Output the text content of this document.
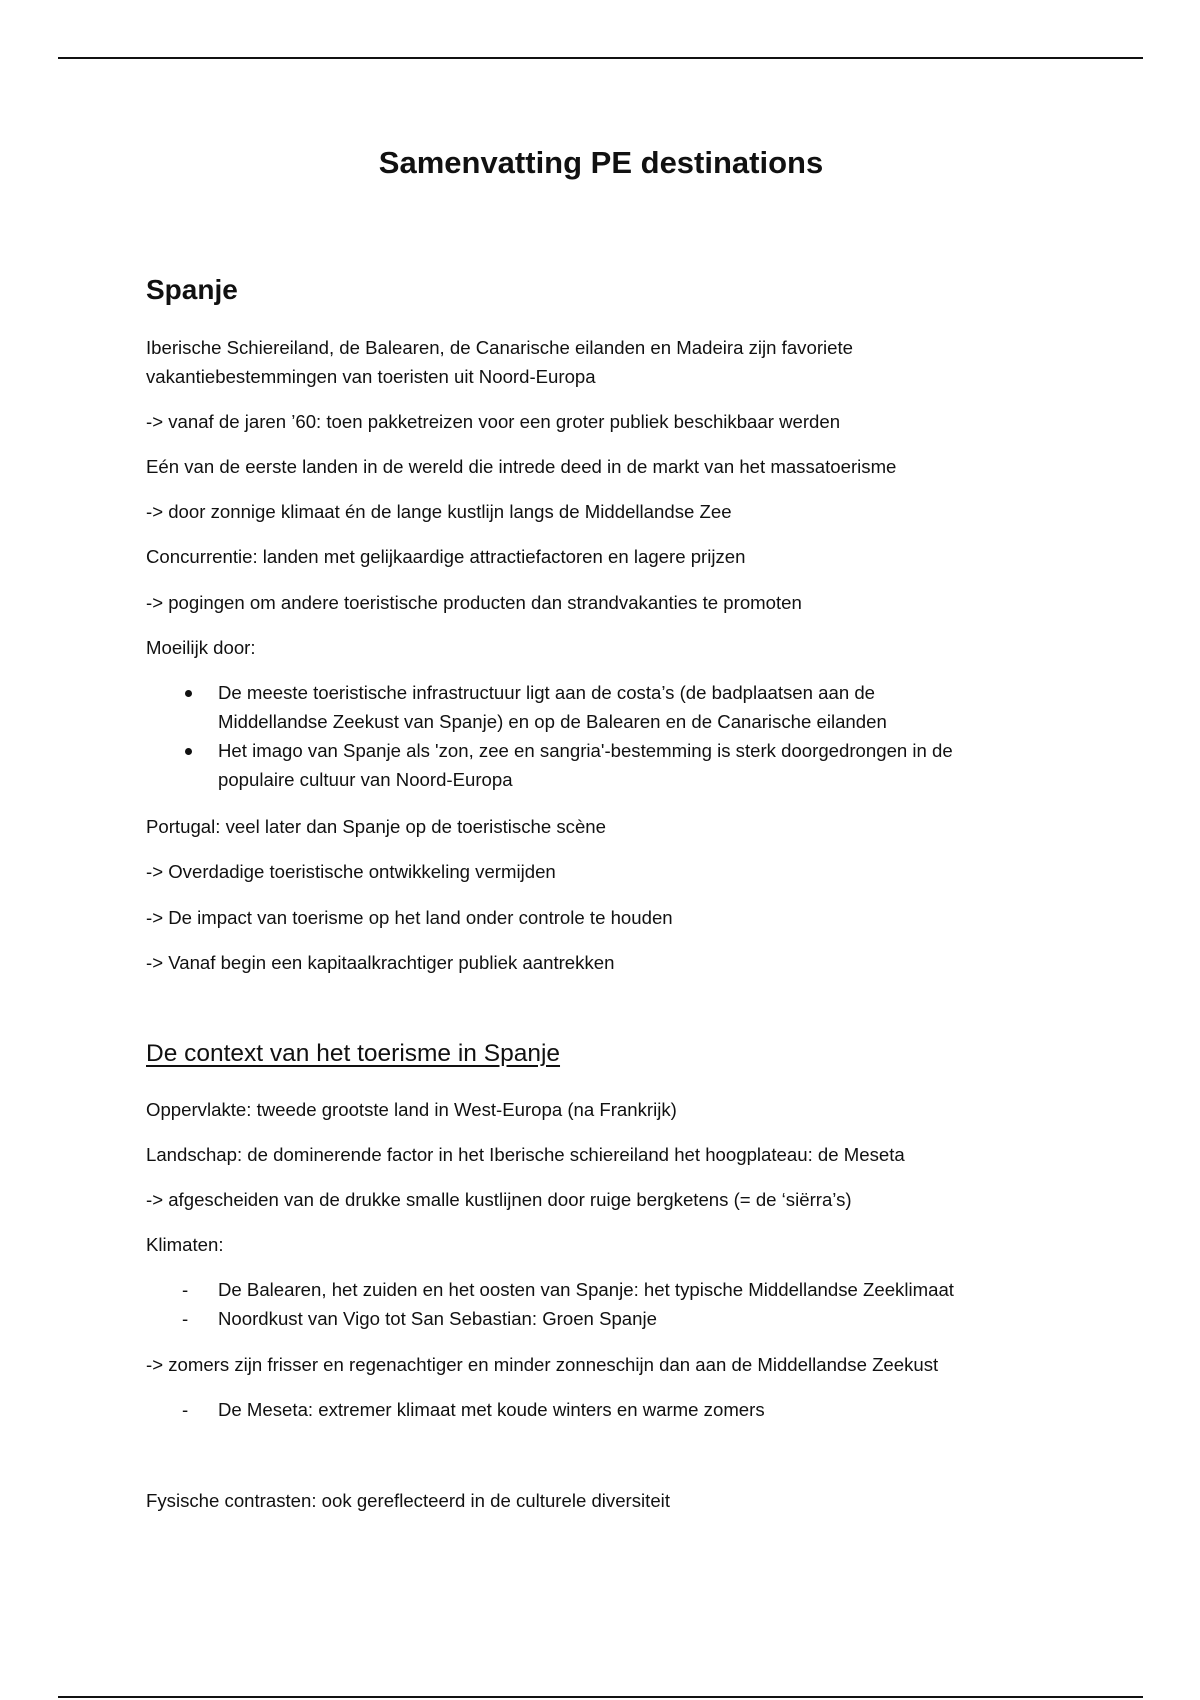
Samenvatting PE destinations
Spanje

Iberische Schiereiland, de Balearen, de Canarische eilanden en Madeira zijn favoriete

vakantiebestemmingen van toeristen uit Noord-Europa

-> vanaf de jaren ’60: toen pakketreizen voor een groter publiek beschikbaar werden

Eén van de eerste landen in de wereld die intrede deed in de markt van het massatoerisme

-> door zonnige klimaat én de lange kustlijn langs de Middellandse Zee

Concurrentie: landen met gelijkaardige attractiefactoren en lagere prijzen

-> pogingen om andere toeristische producten dan strandvakanties te promoten

Moeilijk door:

De meeste toeristische infrastructuur ligt aan de costa’s (de badplaatsen aan de

Middellandse Zeekust van Spanje) en op de Balearen en de Canarische eilanden

Het imago van Spanje als 'zon, zee en sangria'-bestemming is sterk doorgedrongen in de

populaire cultuur van Noord-Europa

Portugal: veel later dan Spanje op de toeristische scène

-> Overdadige toeristische ontwikkeling vermijden

-> De impact van toerisme op het land onder controle te houden

-> Vanaf begin een kapitaalkrachtiger publiek aantrekken

De context van het toerisme in Spanje

Oppervlakte: tweede grootste land in West-Europa (na Frankrijk)

Landschap: de dominerende factor in het Iberische schiereiland het hoogplateau: de Meseta

-> afgescheiden van de drukke smalle kustlijnen door ruige bergketens (= de ‘siërra’s)

Klimaten:

- De Balearen, het zuiden en het oosten van Spanje: het typische Middellandse Zeeklimaat

- Noordkust van Vigo tot San Sebastian: Groen Spanje

-> zomers zijn frisser en regenachtiger en minder zonneschijn dan aan de Middellandse Zeekust

- De Meseta: extremer klimaat met koude winters en warme zomers

Fysische contrasten: ook gereflecteerd in de culturele diversiteit
